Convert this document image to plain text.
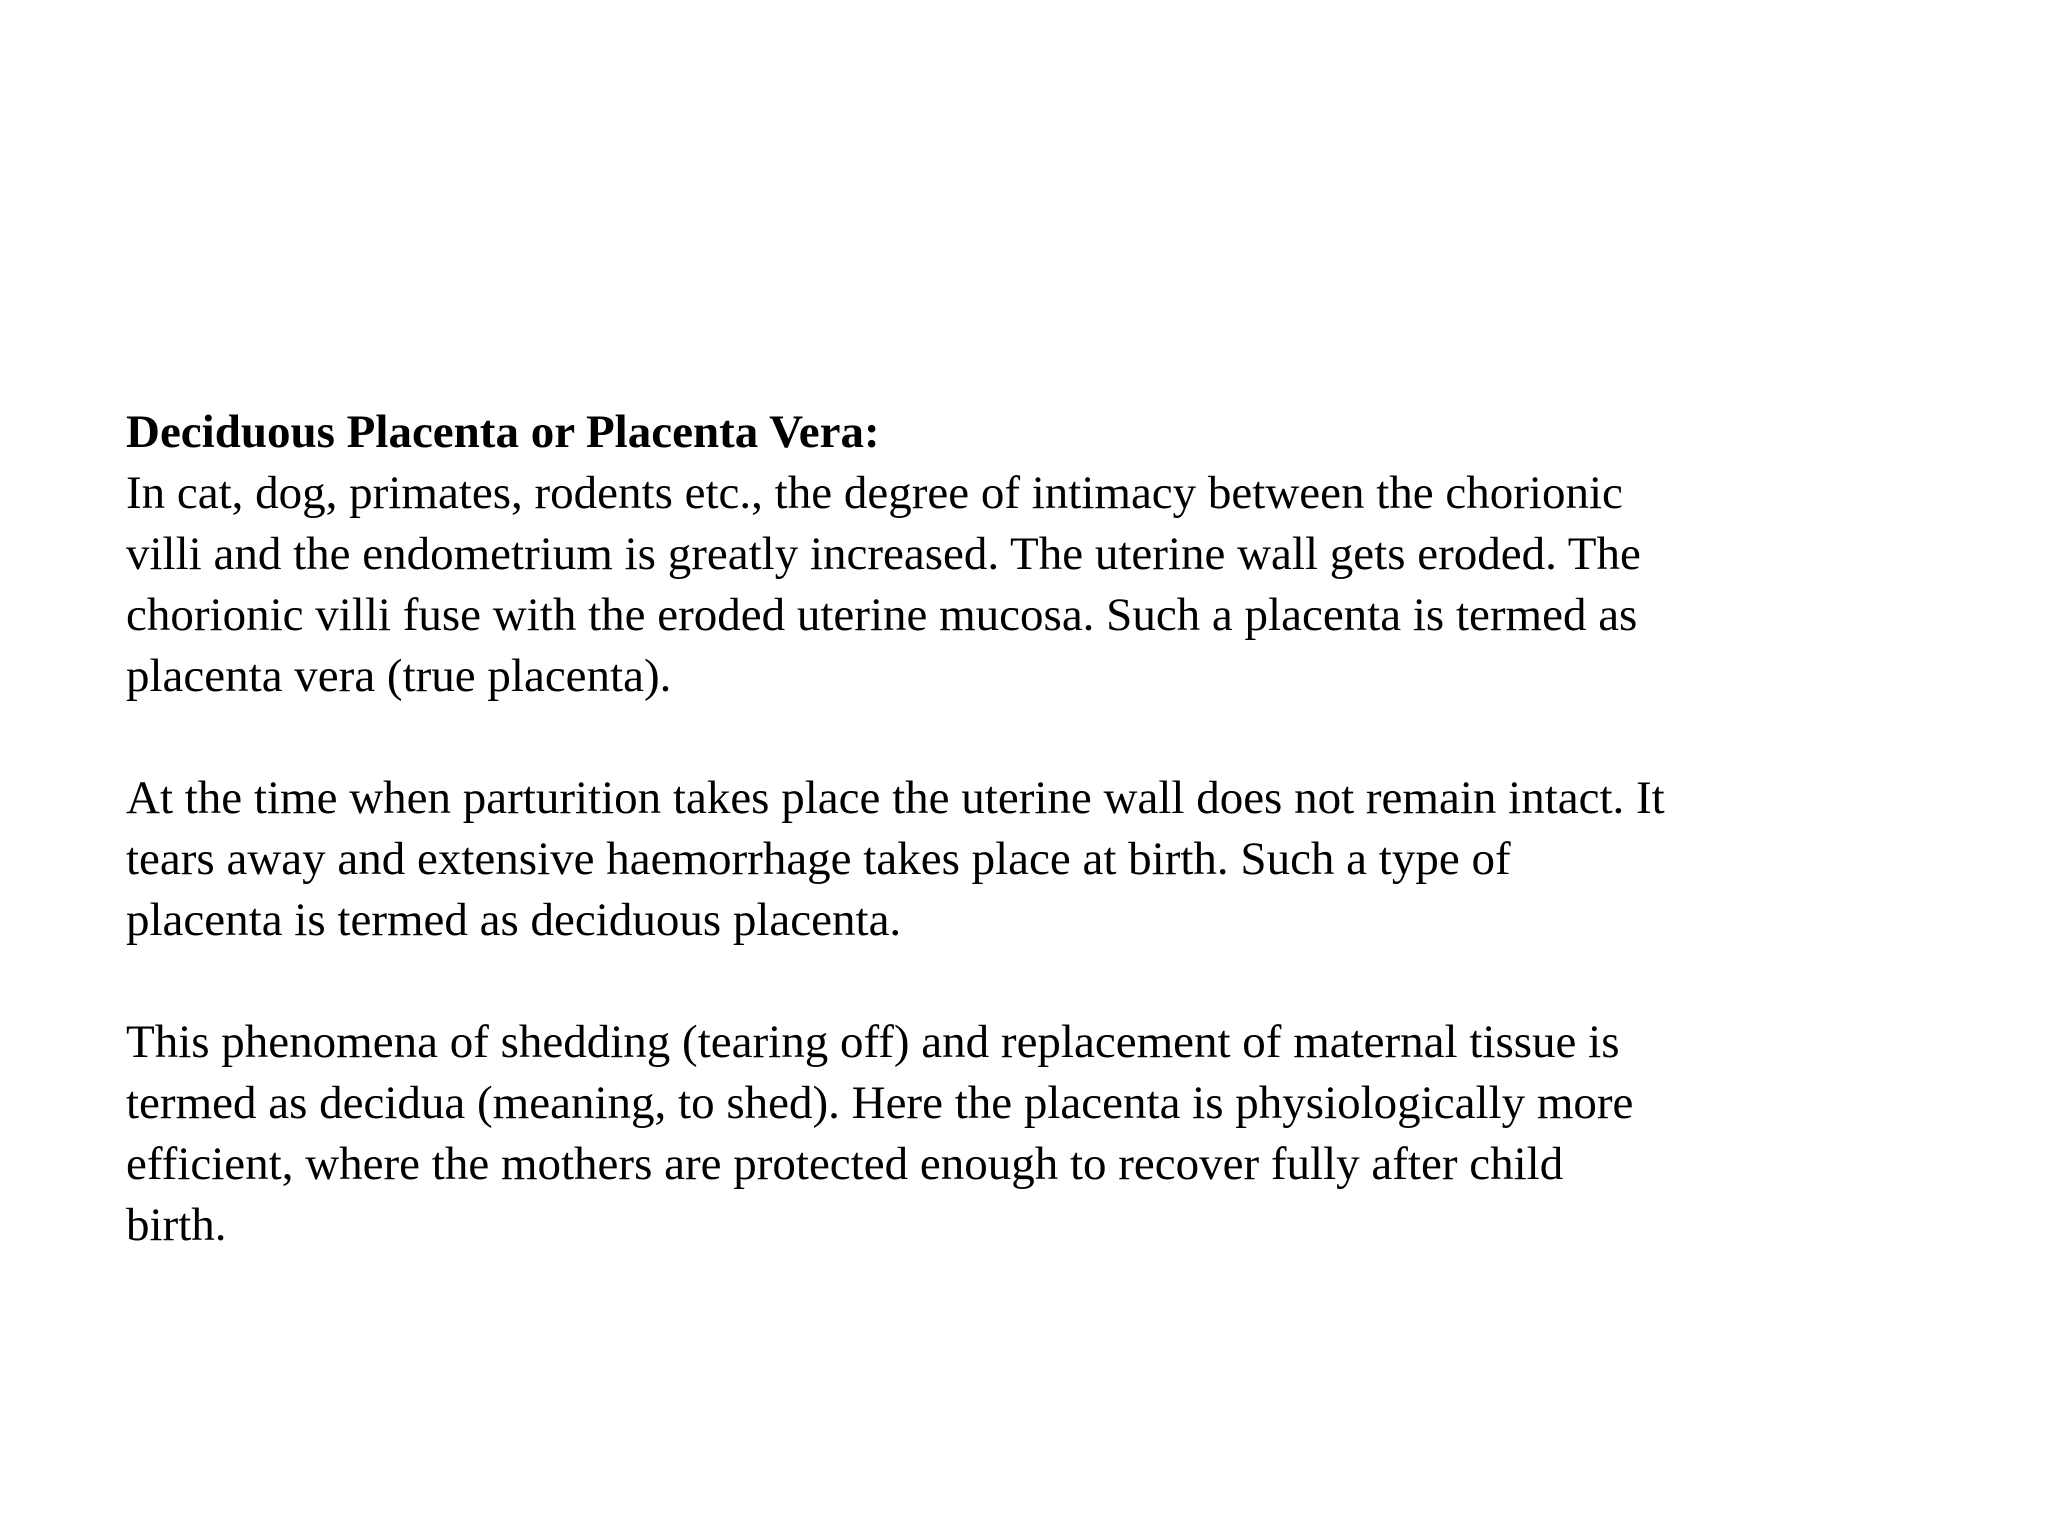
Deciduous Placenta or Placenta Vera:
In cat, dog, primates, rodents etc., the degree of intimacy between the chorionic
villi and the endometrium is greatly increased. The uterine wall gets eroded. The
chorionic villi fuse with the eroded uterine mucosa. Such a placenta is termed as
placenta vera (true placenta).
At the time when parturition takes place the uterine wall does not remain intact. It
tears away and extensive haemorrhage takes place at birth. Such a type of
placenta is termed as deciduous placenta.
This phenomena of shedding (tearing off) and replacement of maternal tissue is
termed as decidua (meaning, to shed). Here the placenta is physiologically more
efficient, where the mothers are protected enough to recover fully after child
birth.
